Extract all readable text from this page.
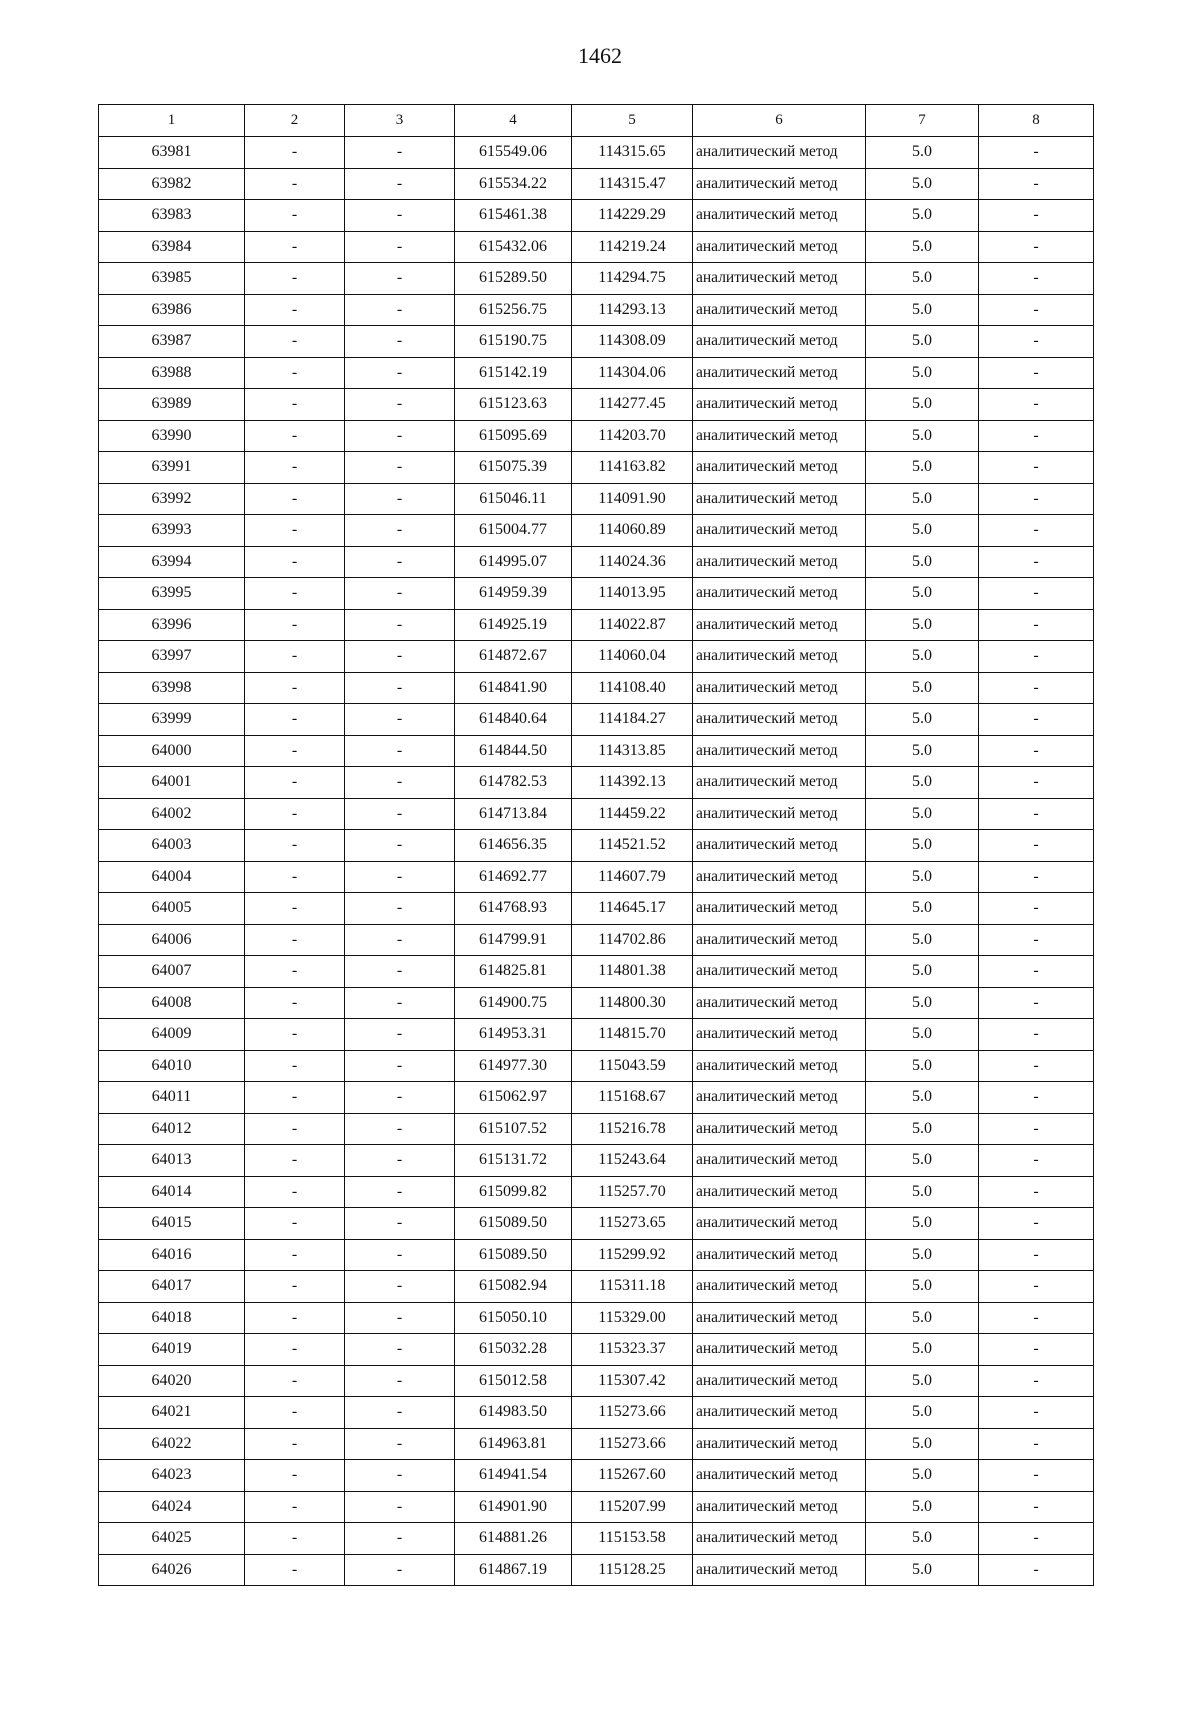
1462
1	2	3	4	5	6	7	8
63981	-	-	615549.06	114315.65	аналитический метод	5.0	-
63982	-	-	615534.22	114315.47	аналитический метод	5.0	-
63983	-	-	615461.38	114229.29	аналитический метод	5.0	-
63984	-	-	615432.06	114219.24	аналитический метод	5.0	-
63985	-	-	615289.50	114294.75	аналитический метод	5.0	-
63986	-	-	615256.75	114293.13	аналитический метод	5.0	-
63987	-	-	615190.75	114308.09	аналитический метод	5.0	-
63988	-	-	615142.19	114304.06	аналитический метод	5.0	-
63989	-	-	615123.63	114277.45	аналитический метод	5.0	-
63990	-	-	615095.69	114203.70	аналитический метод	5.0	-
63991	-	-	615075.39	114163.82	аналитический метод	5.0	-
63992	-	-	615046.11	114091.90	аналитический метод	5.0	-
63993	-	-	615004.77	114060.89	аналитический метод	5.0	-
63994	-	-	614995.07	114024.36	аналитический метод	5.0	-
63995	-	-	614959.39	114013.95	аналитический метод	5.0	-
63996	-	-	614925.19	114022.87	аналитический метод	5.0	-
63997	-	-	614872.67	114060.04	аналитический метод	5.0	-
63998	-	-	614841.90	114108.40	аналитический метод	5.0	-
63999	-	-	614840.64	114184.27	аналитический метод	5.0	-
64000	-	-	614844.50	114313.85	аналитический метод	5.0	-
64001	-	-	614782.53	114392.13	аналитический метод	5.0	-
64002	-	-	614713.84	114459.22	аналитический метод	5.0	-
64003	-	-	614656.35	114521.52	аналитический метод	5.0	-
64004	-	-	614692.77	114607.79	аналитический метод	5.0	-
64005	-	-	614768.93	114645.17	аналитический метод	5.0	-
64006	-	-	614799.91	114702.86	аналитический метод	5.0	-
64007	-	-	614825.81	114801.38	аналитический метод	5.0	-
64008	-	-	614900.75	114800.30	аналитический метод	5.0	-
64009	-	-	614953.31	114815.70	аналитический метод	5.0	-
64010	-	-	614977.30	115043.59	аналитический метод	5.0	-
64011	-	-	615062.97	115168.67	аналитический метод	5.0	-
64012	-	-	615107.52	115216.78	аналитический метод	5.0	-
64013	-	-	615131.72	115243.64	аналитический метод	5.0	-
64014	-	-	615099.82	115257.70	аналитический метод	5.0	-
64015	-	-	615089.50	115273.65	аналитический метод	5.0	-
64016	-	-	615089.50	115299.92	аналитический метод	5.0	-
64017	-	-	615082.94	115311.18	аналитический метод	5.0	-
64018	-	-	615050.10	115329.00	аналитический метод	5.0	-
64019	-	-	615032.28	115323.37	аналитический метод	5.0	-
64020	-	-	615012.58	115307.42	аналитический метод	5.0	-
64021	-	-	614983.50	115273.66	аналитический метод	5.0	-
64022	-	-	614963.81	115273.66	аналитический метод	5.0	-
64023	-	-	614941.54	115267.60	аналитический метод	5.0	-
64024	-	-	614901.90	115207.99	аналитический метод	5.0	-
64025	-	-	614881.26	115153.58	аналитический метод	5.0	-
64026	-	-	614867.19	115128.25	аналитический метод	5.0	-
